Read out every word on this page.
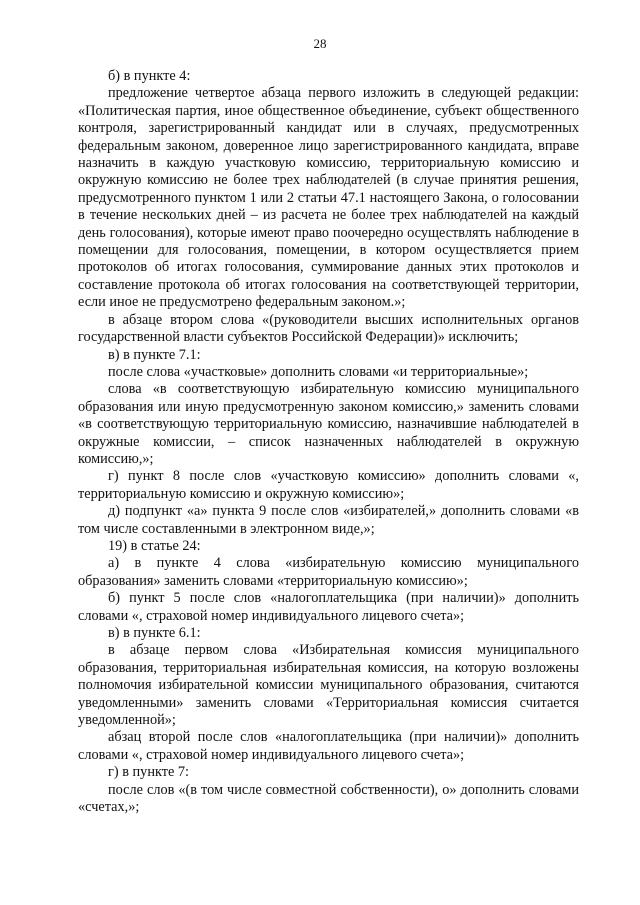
28

б) в пункте 4:

предложение четвертое абзаца первого изложить в следующей редакции: «Политическая партия, иное общественное объединение, субъект общественного контроля, зарегистрированный кандидат или в случаях, предусмотренных федеральным законом, доверенное лицо зарегистрированного кандидата, вправе назначить в каждую участковую комиссию, территориальную комиссию и окружную комиссию не более трех наблюдателей (в случае принятия решения, предусмотренного пунктом 1 или 2 статьи 47.1 настоящего Закона, о голосовании в течение нескольких дней – из расчета не более трех наблюдателей на каждый день голосования), которые имеют право поочередно осуществлять наблюдение в помещении для голосования, помещении, в котором осуществляется прием протоколов об итогах голосования, суммирование данных этих протоколов и составление протокола об итогах голосования на соответствующей территории, если иное не предусмотрено федеральным законом.»;

в абзаце втором слова «(руководители высших исполнительных органов государственной власти субъектов Российской Федерации)» исключить;

в) в пункте 7.1:

после слова «участковые» дополнить словами «и территориальные»;

слова «в соответствующую избирательную комиссию муниципального образования или иную предусмотренную законом комиссию,» заменить словами «в соответствующую территориальную комиссию, назначившие наблюдателей в окружные комиссии, – список назначенных наблюдателей в окружную комиссию,»;

г) пункт 8 после слов «участковую комиссию» дополнить словами «, территориальную комиссию и окружную комиссию»;

д) подпункт «а» пункта 9 после слов «избирателей,» дополнить словами «в том числе составленными в электронном виде,»;

19) в статье 24:

а) в пункте 4 слова «избирательную комиссию муниципального образования» заменить словами «территориальную комиссию»;

б) пункт 5 после слов «налогоплательщика (при наличии)» дополнить словами «, страховой номер индивидуального лицевого счета»;

в) в пункте 6.1:

в абзаце первом слова «Избирательная комиссия муниципального образования, территориальная избирательная комиссия, на которую возложены полномочия избирательной комиссии муниципального образования, считаются уведомленными» заменить словами «Территориальная комиссия считается уведомленной»;

абзац второй после слов «налогоплательщика (при наличии)» дополнить словами «, страховой номер индивидуального лицевого счета»;

г) в пункте 7:

после слов «(в том числе совместной собственности), о» дополнить словами «счетах,»;
